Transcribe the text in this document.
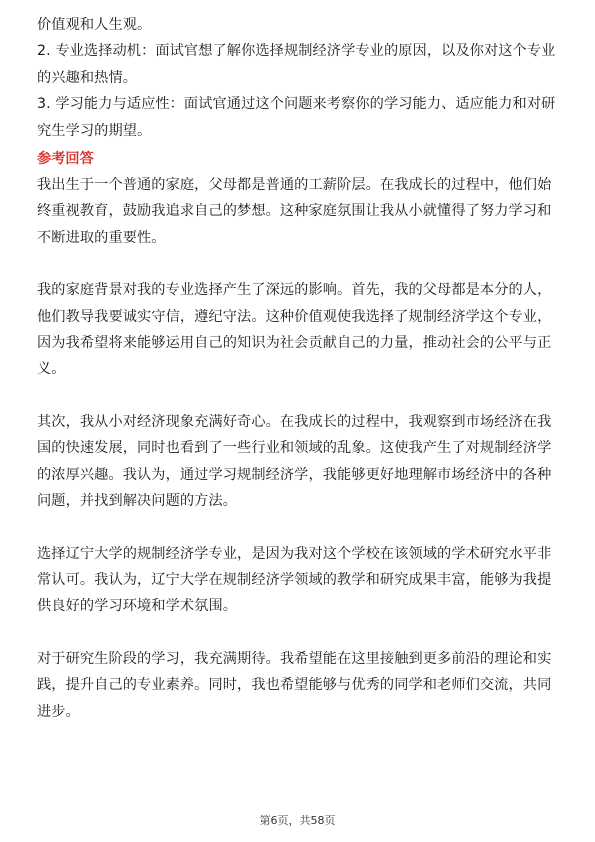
价值观和人生观。
2. 专业选择动机：面试官想了解你选择规制经济学专业的原因，以及你对这个专业
的兴趣和热情。
3. 学习能力与适应性：面试官通过这个问题来考察你的学习能力、适应能力和对研
究生学习的期望。
参考回答
我出生于一个普通的家庭，父母都是普通的工薪阶层。在我成长的过程中，他们始
终重视教育，鼓励我追求自己的梦想。这种家庭氛围让我从小就懂得了努力学习和
不断进取的重要性。
我的家庭背景对我的专业选择产生了深远的影响。首先，我的父母都是本分的人，
他们教导我要诚实守信，遵纪守法。这种价值观使我选择了规制经济学这个专业，
因为我希望将来能够运用自己的知识为社会贡献自己的力量，推动社会的公平与正
义。
其次，我从小对经济现象充满好奇心。在我成长的过程中，我观察到市场经济在我
国的快速发展，同时也看到了一些行业和领域的乱象。这使我产生了对规制经济学
的浓厚兴趣。我认为，通过学习规制经济学，我能够更好地理解市场经济中的各种
问题，并找到解决问题的方法。
选择辽宁大学的规制经济学专业，是因为我对这个学校在该领域的学术研究水平非
常认可。我认为，辽宁大学在规制经济学领域的教学和研究成果丰富，能够为我提
供良好的学习环境和学术氛围。
对于研究生阶段的学习，我充满期待。我希望能在这里接触到更多前沿的理论和实
践，提升自己的专业素养。同时，我也希望能够与优秀的同学和老师们交流，共同
进步。
第6页，共58页
